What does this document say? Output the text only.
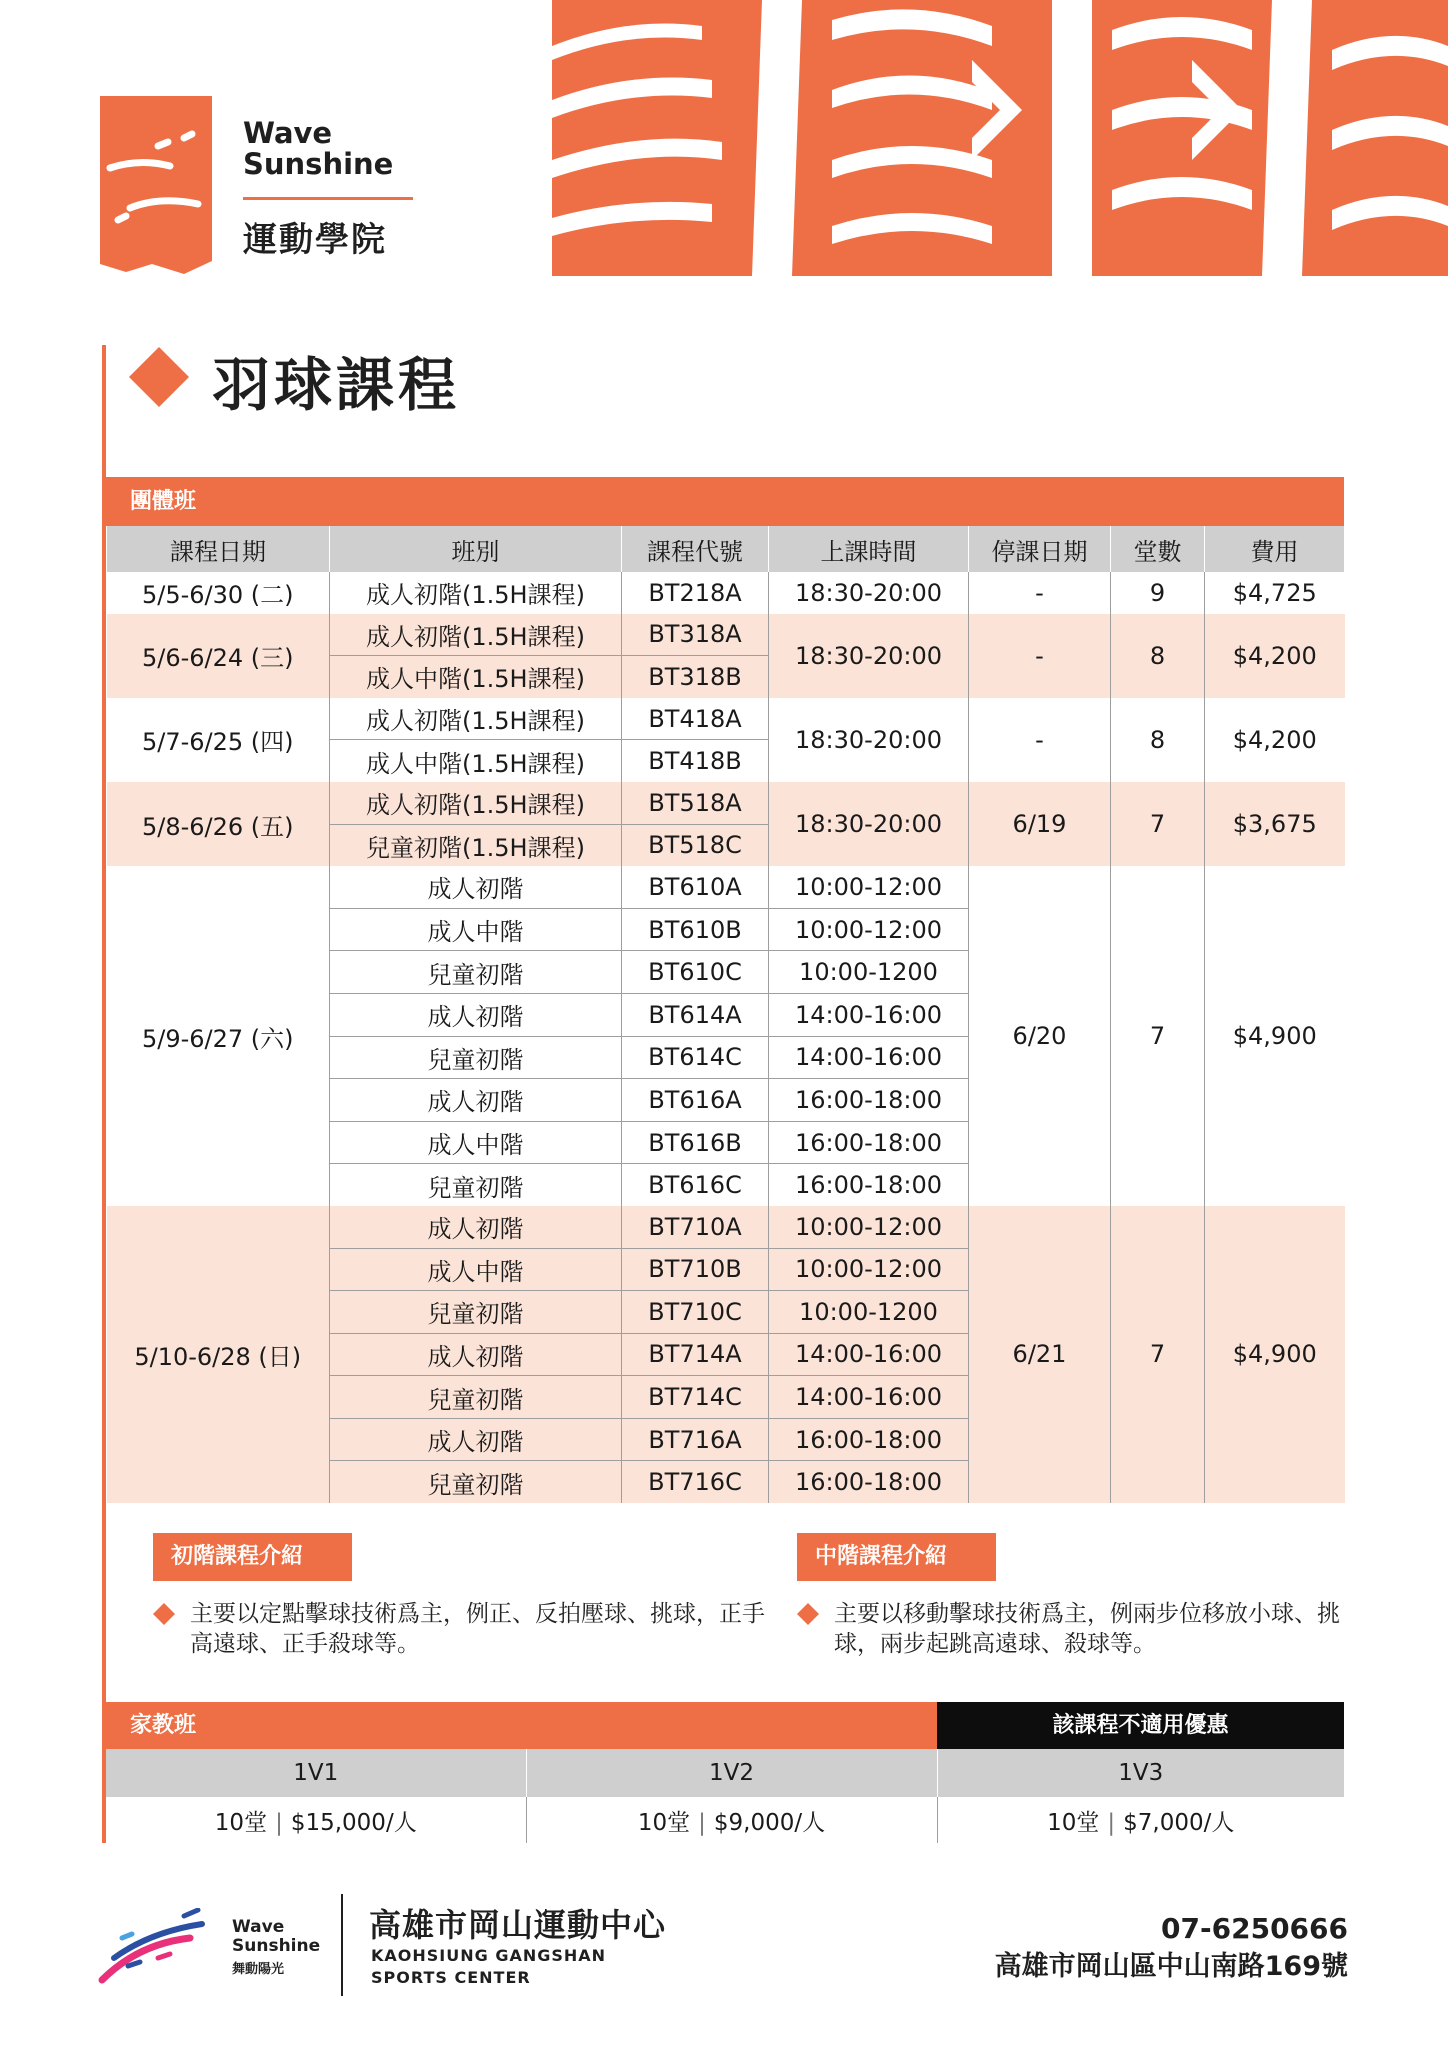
Wave
Sunshine
運動學院
羽球課程
團體班
課程日期	班別	課程代號	上課時間	停課日期	堂數	費用
5/5-6/30 (二)	成人初階(1.5H課程)	BT218A	18:30-20:00	-	9	$4,725
5/6-6/24 (三)	成人初階(1.5H課程)	BT318A	18:30-20:00	-	8	$4,200
	成人中階(1.5H課程)	BT318B				
5/7-6/25 (四)	成人初階(1.5H課程)	BT418A	18:30-20:00	-	8	$4,200
	成人中階(1.5H課程)	BT418B				
5/8-6/26 (五)	成人初階(1.5H課程)	BT518A	18:30-20:00	6/19	7	$3,675
	兒童初階(1.5H課程)	BT518C				
5/9-6/27 (六)	成人初階	BT610A	10:00-12:00	6/20	7	$4,900
	成人中階	BT610B	10:00-12:00			
	兒童初階	BT610C	10:00-1200			
	成人初階	BT614A	14:00-16:00			
	兒童初階	BT614C	14:00-16:00			
	成人初階	BT616A	16:00-18:00			
	成人中階	BT616B	16:00-18:00			
	兒童初階	BT616C	16:00-18:00			
5/10-6/28 (日)	成人初階	BT710A	10:00-12:00	6/21	7	$4,900
	成人中階	BT710B	10:00-12:00			
	兒童初階	BT710C	10:00-1200			
	成人初階	BT714A	14:00-16:00			
	兒童初階	BT714C	14:00-16:00			
	成人初階	BT716A	16:00-18:00			
	兒童初階	BT716C	16:00-18:00			
初階課程介紹
主要以定點擊球技術爲主，例正、反拍壓球、挑球，正手高遠球、正手殺球等。
中階課程介紹
主要以移動擊球技術爲主，例兩步位移放小球、挑球，兩步起跳高遠球、殺球等。
家教班	該課程不適用優惠
1V1	1V2	1V3
10堂 | $15,000/人	10堂 | $9,000/人	10堂 | $7,000/人
Wave
Sunshine
舞動陽光
高雄市岡山運動中心
KAOHSIUNG GANGSHAN
SPORTS CENTER
07-6250666
高雄市岡山區中山南路169號
